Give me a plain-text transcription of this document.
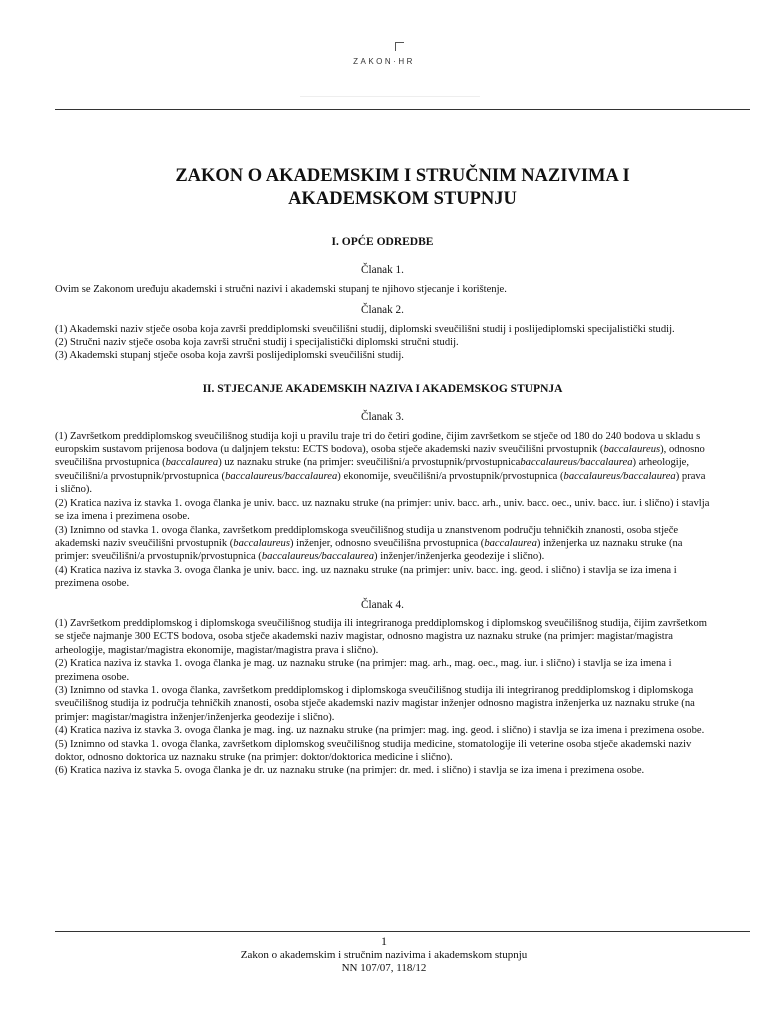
ZAKON·HR
ZAKON O AKADEMSKIM I STRUČNIM NAZIVIMA I
AKADEMSKOM STUPNJU
I. OPĆE ODREDBE
Članak 1.

Ovim se Zakonom uređuju akademski i stručni nazivi i akademski stupanj te njihovo stjecanje i korištenje.

Članak 2.

(1) Akademski naziv stječe osoba koja završi preddiplomski sveučilišni studij, diplomski sveučilišni studij i poslijediplomski specijalistički studij.

(2) Stručni naziv stječe osoba koja završi stručni studij i specijalistički diplomski stručni studij.

(3) Akademski stupanj stječe osoba koja završi poslijediplomski sveučilišni studij.

II. STJECANJE AKADEMSKIH NAZIVA I AKADEMSKOG STUPNJA
Članak 3.

(1) Završetkom preddiplomskog sveučilišnog studija koji u pravilu traje tri do četiri godine, čijim završetkom se stječe od 180 do 240 bodova u skladu s europskim sustavom prijenosa bodova (u daljnjem tekstu: ECTS bodova), osoba stječe akademski naziv sveučilišni prvostupnik (baccalaureus), odnosno sveučilišna prvostupnica (baccalaurea) uz naznaku struke (na primjer: sveučilišni/a prvostupnik/prvostupnicabaccalaureus/baccalaurea) arheologije, sveučilišni/a prvostupnik/prvostupnica (baccalaureus/baccalaurea) ekonomije, sveučilišni/a prvostupnik/prvostupnica (baccalaureus/baccalaurea) prava i slično).

(2) Kratica naziva iz stavka 1. ovoga članka je univ. bacc. uz naznaku struke (na primjer: univ. bacc. arh., univ. bacc. oec., univ. bacc. iur. i slično) i stavlja se iza imena i prezimena osobe.

(3) Iznimno od stavka 1. ovoga članka, završetkom preddiplomskoga sveučilišnog studija u znanstvenom području tehničkih znanosti, osoba stječe akademski naziv sveučilišni prvostupnik (baccalaureus) inženjer, odnosno sveučilišna prvostupnica (baccalaurea) inženjerka uz naznaku struke (na primjer: sveučilišni/a prvostupnik/prvostupnica (baccalaureus/baccalaurea) inženjer/inženjerka geodezije i slično).

(4) Kratica naziva iz stavka 3. ovoga članka je univ. bacc. ing. uz naznaku struke (na primjer: univ. bacc. ing. geod. i slično) i stavlja se iza imena i prezimena osobe.

Članak 4.

(1) Završetkom preddiplomskog i diplomskoga sveučilišnog studija ili integriranoga preddiplomskog i diplomskog sveučilišnog studija, čijim završetkom se stječe najmanje 300 ECTS bodova, osoba stječe akademski naziv magistar, odnosno magistra uz naznaku struke (na primjer: magistar/magistra arheologije, magistar/magistra ekonomije, magistar/magistra prava i slično).

(2) Kratica naziva iz stavka 1. ovoga članka je mag. uz naznaku struke (na primjer: mag. arh., mag. oec., mag. iur. i slično) i stavlja se iza imena i prezimena osobe.

(3) Iznimno od stavka 1. ovoga članka, završetkom preddiplomskog i diplomskoga sveučilišnog studija ili integriranog preddiplomskog i diplomskoga sveučilišnog studija iz područja tehničkih znanosti, osoba stječe akademski naziv magistar inženjer odnosno magistra inženjerka uz naznaku struke (na primjer: magistar/magistra inženjer/inženjerka geodezije i slično).

(4) Kratica naziva iz stavka 3. ovoga članka je mag. ing. uz naznaku struke (na primjer: mag. ing. geod. i slično) i stavlja se iza imena i prezimena osobe.

(5) Iznimno od stavka 1. ovoga članka, završetkom diplomskog sveučilišnog studija medicine, stomatologije ili veterine osoba stječe akademski naziv doktor, odnosno doktorica uz naznaku struke (na primjer: doktor/doktorica medicine i slično).

(6) Kratica naziva iz stavka 5. ovoga članka je dr. uz naznaku struke (na primjer: dr. med. i slično) i stavlja se iza imena i prezimena osobe.

1
Zakon o akademskim i stručnim nazivima i akademskom stupnju
NN 107/07, 118/12
